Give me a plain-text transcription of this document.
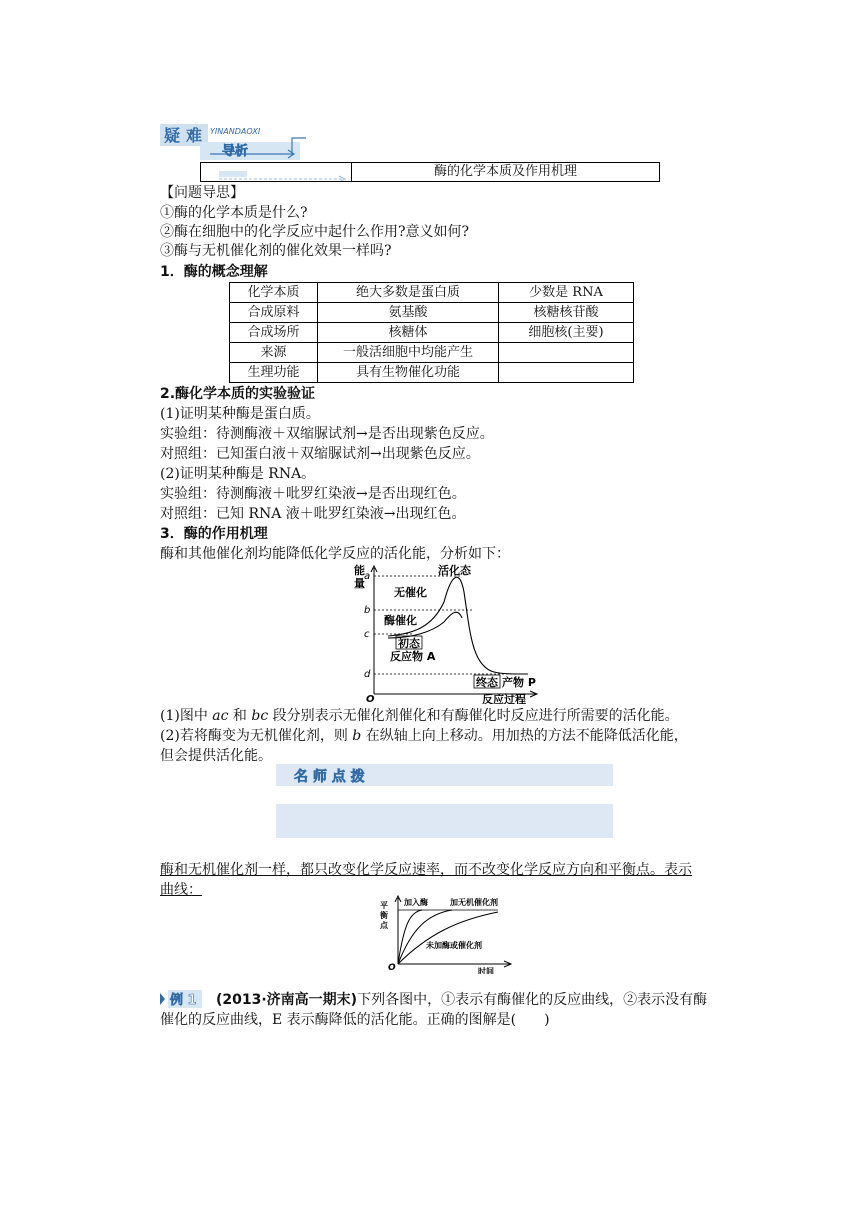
疑 难 YINANDAOXI
导析
酶的化学本质及作用机理
【问题导思】
①酶的化学本质是什么?
②酶在细胞中的化学反应中起什么作用?意义如何?
③酶与无机催化剂的催化效果一样吗?
1．酶的概念理解
化学本质	绝大多数是蛋白质	少数是 RNA
合成原料	氨基酸	核糖核苷酸
合成场所	核糖体	细胞核(主要)
来源	一般活细胞中均能产生	
生理功能	具有生物催化功能	
2.酶化学本质的实验验证
(1)证明某种酶是蛋白质。
实验组：待测酶液＋双缩脲试剂→是否出现紫色反应。
对照组：已知蛋白液＋双缩脲试剂→出现紫色反应。
(2)证明某种酶是 RNA。
实验组：待测酶液＋吡罗红染液→是否出现红色。
对照组：已知 RNA 液＋吡罗红染液→出现红色。
3．酶的作用机理
酶和其他催化剂均能降低化学反应的活化能，分析如下：
a
b
c
d
O
能
量
活化态
无催化
酶催化
初态
反应物 A
终态 产物 P
反应过程
(1)图中 ac 和 bc 段分别表示无催化剂催化和有酶催化时反应进行所需要的活化能。
(2)若将酶变为无机催化剂，则 b 在纵轴上向上移动。用加热的方法不能降低活化能，
但会提供活化能。
名 师 点 拨
酶和无机催化剂一样，都只改变化学反应速率，而不改变化学反应方向和平衡点。表示
曲线：
平
衡
点
加入酶	加无机催化剂
未加酶或催化剂
O	时间
例 1 (2013·济南高一期末)下列各图中，①表示有酶催化的反应曲线，②表示没有酶
催化的反应曲线，E 表示酶降低的活化能。正确的图解是(　　)
